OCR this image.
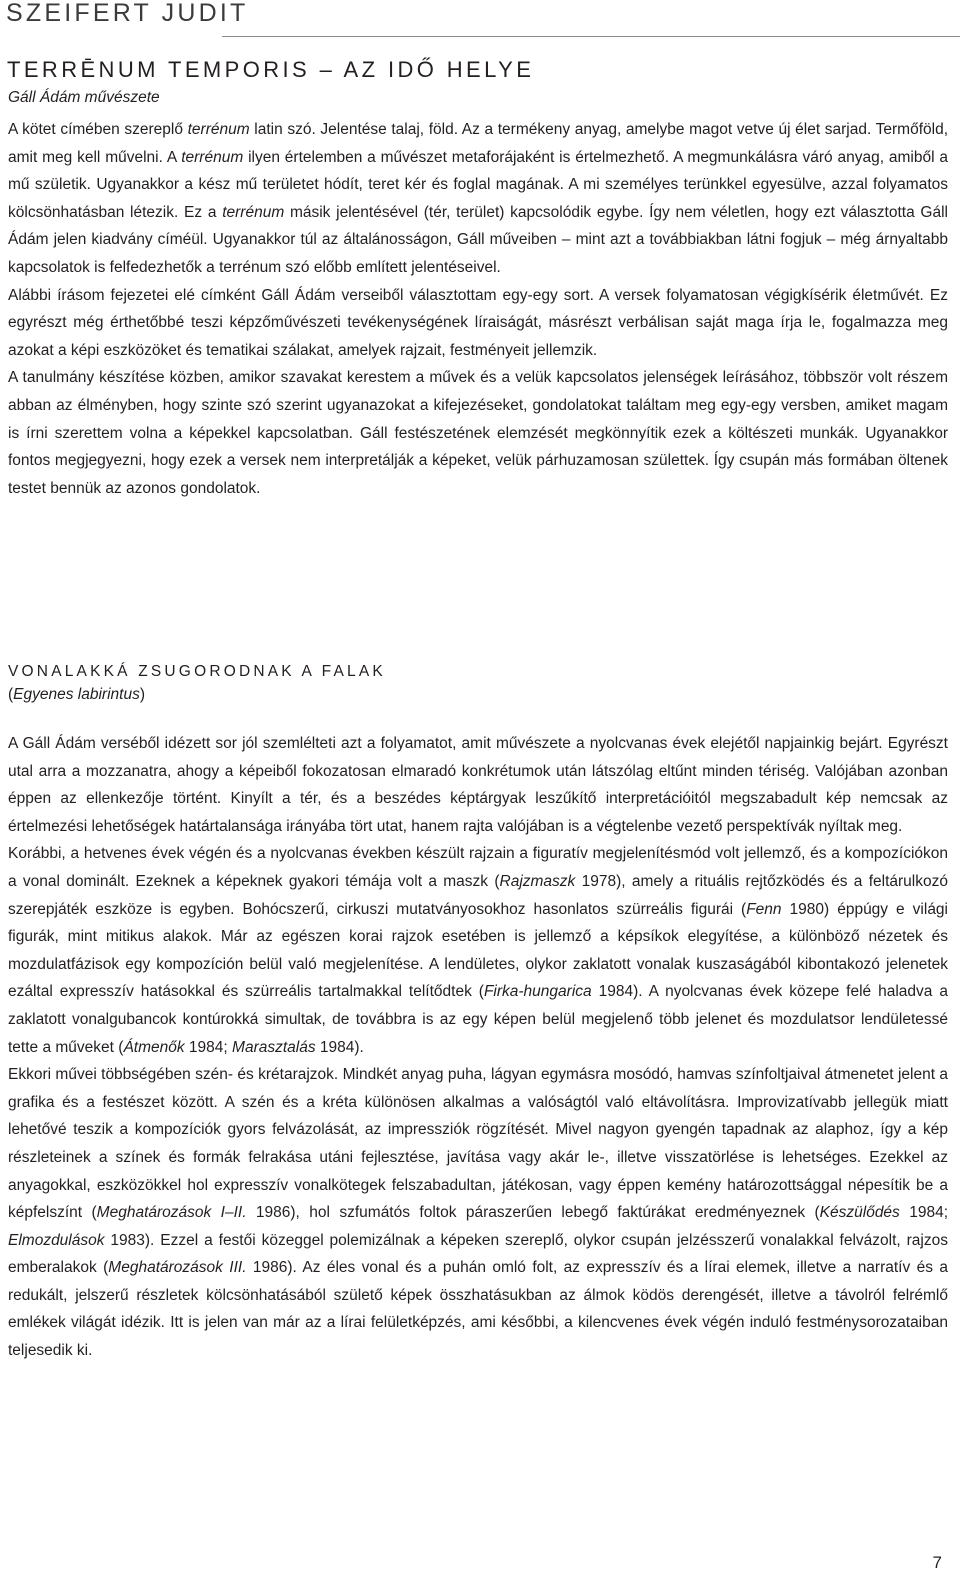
SZEIFERT JUDIT
TERRĒNUM TEMPORIS – AZ IDŐ HELYE
Gáll Ádám művészete

A kötet címében szereplő terrénum latin szó. Jelentése talaj, föld. Az a termékeny anyag, amelybe magot vetve új élet sarjad. Termőföld, amit meg kell művelni. A terrénum ilyen értelemben a művészet metaforájaként is értelmezhető. A megmunkálásra váró anyag, amiből a mű születik. Ugyanakkor a kész mű területet hódít, teret kér és foglal magának. A mi személyes terünkkel egyesülve, azzal folyamatos kölcsönhatásban létezik. Ez a terrénum másik jelentésével (tér, terület) kapcsolódik egybe. Így nem véletlen, hogy ezt választotta Gáll Ádám jelen kiadvány címéül. Ugyanakkor túl az általánosságon, Gáll műveiben – mint azt a továbbiakban látni fogjuk – még árnyaltabb kapcsolatok is felfedezhetők a terrénum szó előbb említett jelentéseivel.

Alábbi írásom fejezetei elé címként Gáll Ádám verseiből választottam egy-egy sort. A versek folyamatosan végigkísérik életművét. Ez egyrészt még érthetőbbé teszi képzőművészeti tevékenységének líraiságát, másrészt verbálisan saját maga írja le, fogalmazza meg azokat a képi eszközöket és tematikai szálakat, amelyek rajzait, festményeit jellemzik.

A tanulmány készítése közben, amikor szavakat kerestem a művek és a velük kapcsolatos jelenségek leírásához, többször volt részem abban az élményben, hogy szinte szó szerint ugyanazokat a kifejezéseket, gondolatokat találtam meg egy-egy versben, amiket magam is írni szerettem volna a képekkel kapcsolatban. Gáll festészetének elemzését megkönnyítik ezek a költészeti munkák. Ugyanakkor fontos megjegyezni, hogy ezek a versek nem interpretálják a képeket, velük párhuzamosan születtek. Így csupán más formában öltenek testet bennük az azonos gondolatok.

VONALAKKÁ ZSUGORODNAK A FALAK
(Egyenes labirintus)

A Gáll Ádám verséből idézett sor jól szemlélteti azt a folyamatot, amit művészete a nyolcvanas évek elejétől napjainkig bejárt. Egyrészt utal arra a mozzanatra, ahogy a képeiből fokozatosan elmaradó konkrétumok után látszólag eltűnt minden tériség. Valójában azonban éppen az ellenkezője történt. Kinyílt a tér, és a beszédes képtárgyak leszűkítő interpretációitól megszabadult kép nemcsak az értelmezési lehetőségek határtalansága irányába tört utat, hanem rajta valójában is a végtelenbe vezető perspektívák nyíltak meg.

Korábbi, a hetvenes évek végén és a nyolcvanas években készült rajzain a figuratív megjelenítésmód volt jellemző, és a kompozíciókon a vonal dominált. Ezeknek a képeknek gyakori témája volt a maszk (Rajzmaszk 1978), amely a rituális rejtőzködés és a feltárulkozó szerepjáték eszköze is egyben. Bohócszerű, cirkuszi mutatványosokhoz hasonlatos szürreális figurái (Fenn 1980) éppúgy e világi figurák, mint mitikus alakok. Már az egészen korai rajzok esetében is jellemző a képsíkok elegyítése, a különböző nézetek és mozdulatfázisok egy kompozíción belül való megjelenítése. A lendületes, olykor zaklatott vonalak kuszaságából kibontakozó jelenetek ezáltal expresszív hatásokkal és szürreális tartalmakkal telítődtek (Firka-hungarica 1984). A nyolcvanas évek közepe felé haladva a zaklatott vonalgubancok kontúrokká simultak, de továbbra is az egy képen belül megjelenő több jelenet és mozdulatsor lendületessé tette a műveket (Átmenők 1984; Marasztalás 1984).

Ekkori művei többségében szén- és krétarajzok. Mindkét anyag puha, lágyan egymásra mosódó, hamvas színfoltjaival átmenetet jelent a grafika és a festészet között. A szén és a kréta különösen alkalmas a valóságtól való eltávolításra. Improvizatívabb jellegük miatt lehetővé teszik a kompozíciók gyors felvázolását, az impressziók rögzítését. Mivel nagyon gyengén tapadnak az alaphoz, így a kép részleteinek a színek és formák felrakása utáni fejlesztése, javítása vagy akár le-, illetve visszatörlése is lehetséges. Ezekkel az anyagokkal, eszközökkel hol expresszív vonalkötegek felszabadultan, játékosan, vagy éppen kemény határozottsággal népesítik be a képfelszínt (Meghatározások I–II. 1986), hol szfumátós foltok páraszerűen lebegő faktúrákat eredményeznek (Készülődés 1984; Elmozdulások 1983). Ezzel a festői közeggel polemizálnak a képeken szereplő, olykor csupán jelzésszerű vonalakkal felvázolt, rajzos emberalakok (Meghatározások III. 1986). Az éles vonal és a puhán omló folt, az expresszív és a lírai elemek, illetve a narratív és a redukált, jelszerű részletek kölcsönhatásából születő képek összhatásukban az álmok ködös derengését, illetve a távolról felrémlő emlékek világát idézik. Itt is jelen van már az a lírai felületképzés, ami későbbi, a kilencvenes évek végén induló festménysorozataiban teljesedik ki.

7
